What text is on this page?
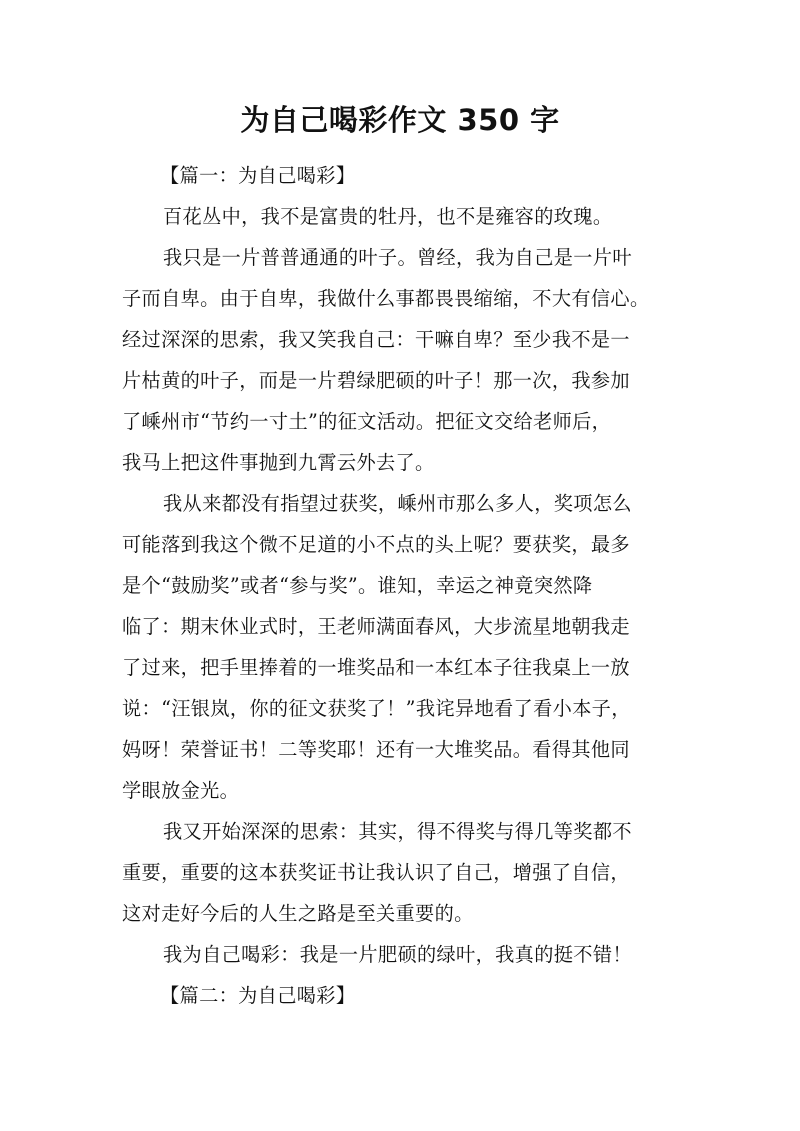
为自己喝彩作文 350 字
【篇一：为自己喝彩】
百花丛中，我不是富贵的牡丹，也不是雍容的玫瑰。
我只是一片普普通通的叶子。曾经，我为自己是一片叶
子而自卑。由于自卑，我做什么事都畏畏缩缩，不大有信心。
经过深深的思索，我又笑我自己：干嘛自卑？至少我不是一
片枯黄的叶子，而是一片碧绿肥硕的叶子！那一次，我参加
了嵊州市“节约一寸土”的征文活动。把征文交给老师后，
我马上把这件事抛到九霄云外去了。
我从来都没有指望过获奖，嵊州市那么多人，奖项怎么
可能落到我这个微不足道的小不点的头上呢？要获奖，最多
是个“鼓励奖”或者“参与奖”。谁知，幸运之神竟突然降
临了：期末休业式时，王老师满面春风，大步流星地朝我走
了过来，把手里捧着的一堆奖品和一本红本子往我桌上一放
说：“汪银岚，你的征文获奖了！”我诧异地看了看小本子，
妈呀！荣誉证书！二等奖耶！还有一大堆奖品。看得其他同
学眼放金光。
我又开始深深的思索：其实，得不得奖与得几等奖都不
重要，重要的这本获奖证书让我认识了自己，增强了自信，
这对走好今后的人生之路是至关重要的。
我为自己喝彩：我是一片肥硕的绿叶，我真的挺不错！
【篇二：为自己喝彩】
